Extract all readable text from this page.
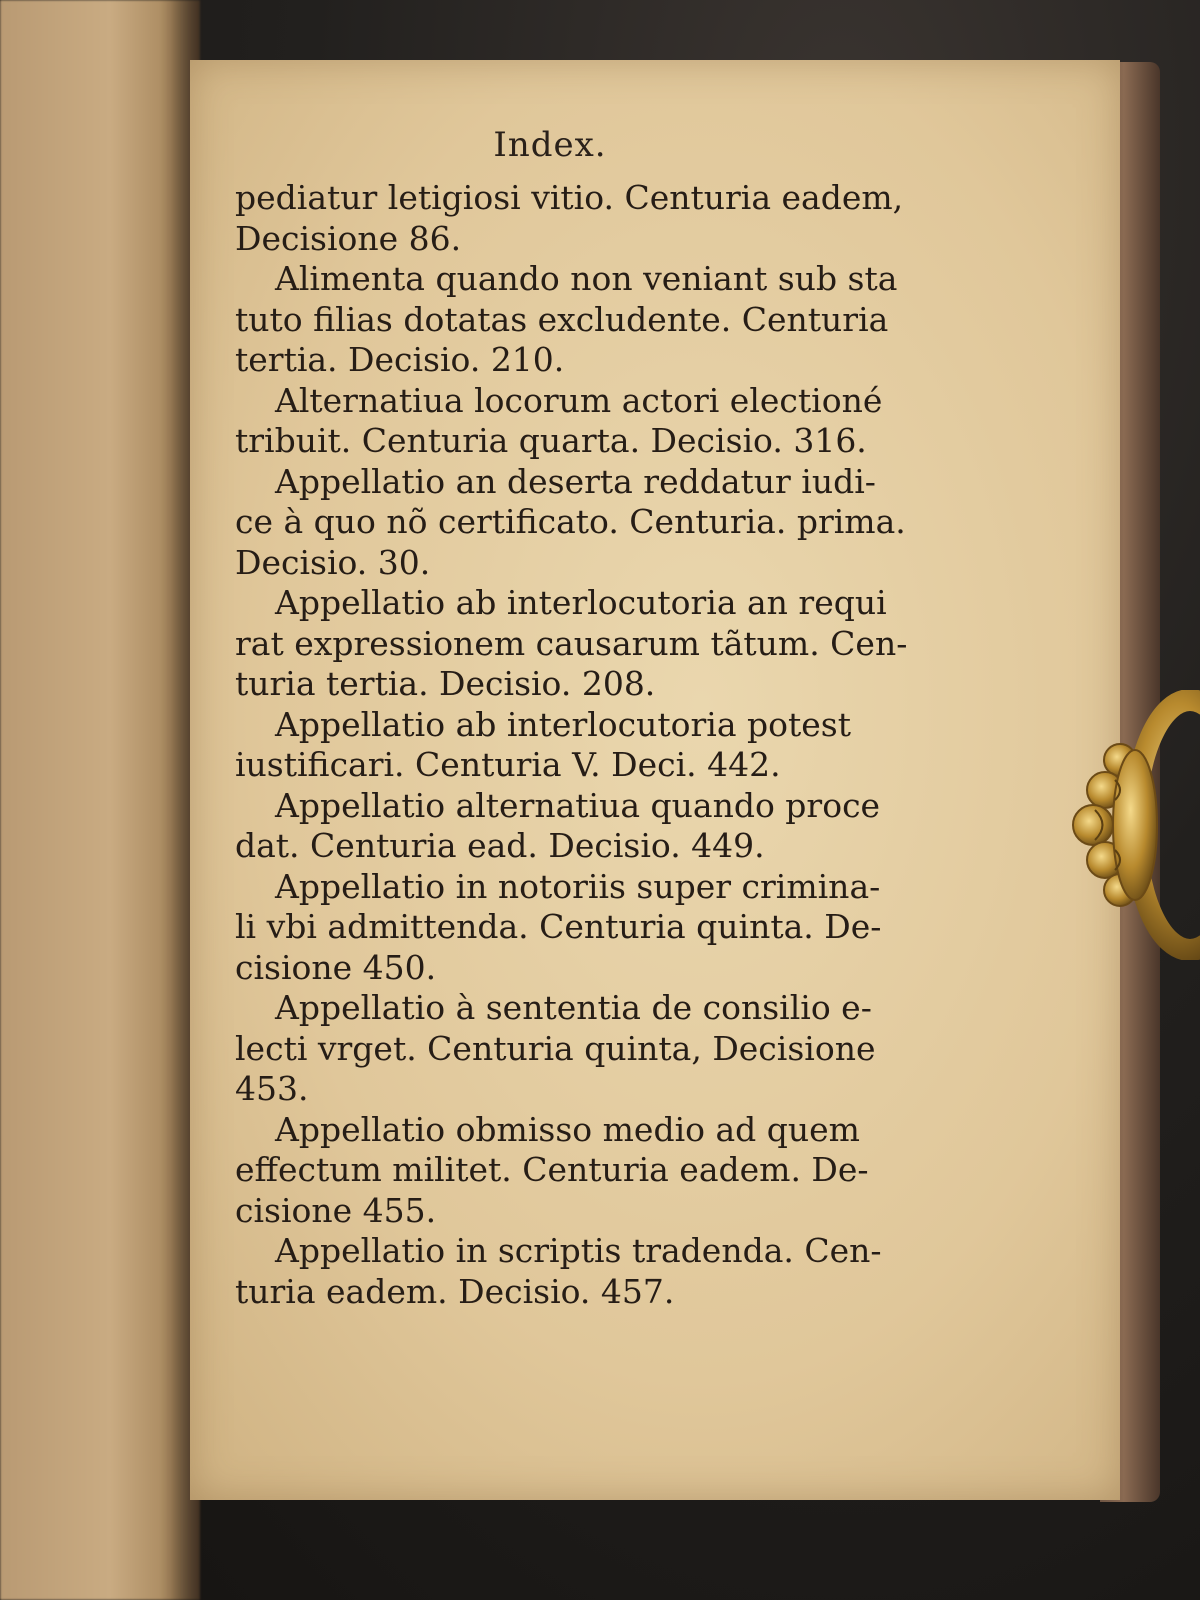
Index.
pediatur letigiosi vitio. Centuria eadem,
Decisione 86.
Alimenta quando non veniant sub sta
tuto filias dotatas excludente. Centuria
tertia. Decisio. 210.
Alternatiua locorum actori electioné
tribuit. Centuria quarta. Decisio. 316.
Appellatio an deserta reddatur iudi-
ce à quo nõ certificato. Centuria. prima.
Decisio. 30.
Appellatio ab interlocutoria an requi
rat expressionem causarum tãtum. Cen-
turia tertia. Decisio. 208.
Appellatio ab interlocutoria potest
iustificari. Centuria V. Deci. 442.
Appellatio alternatiua quando proce
dat. Centuria ead. Decisio. 449.
Appellatio in notoriis super crimina-
li vbi admittenda. Centuria quinta. De-
cisione 450.
Appellatio à sententia de consilio e-
lecti vrget. Centuria quinta, Decisione
453.
Appellatio obmisso medio ad quem
effectum militet. Centuria eadem. De-
cisione 455.
Appellatio in scriptis tradenda. Cen-
turia eadem. Decisio. 457.
